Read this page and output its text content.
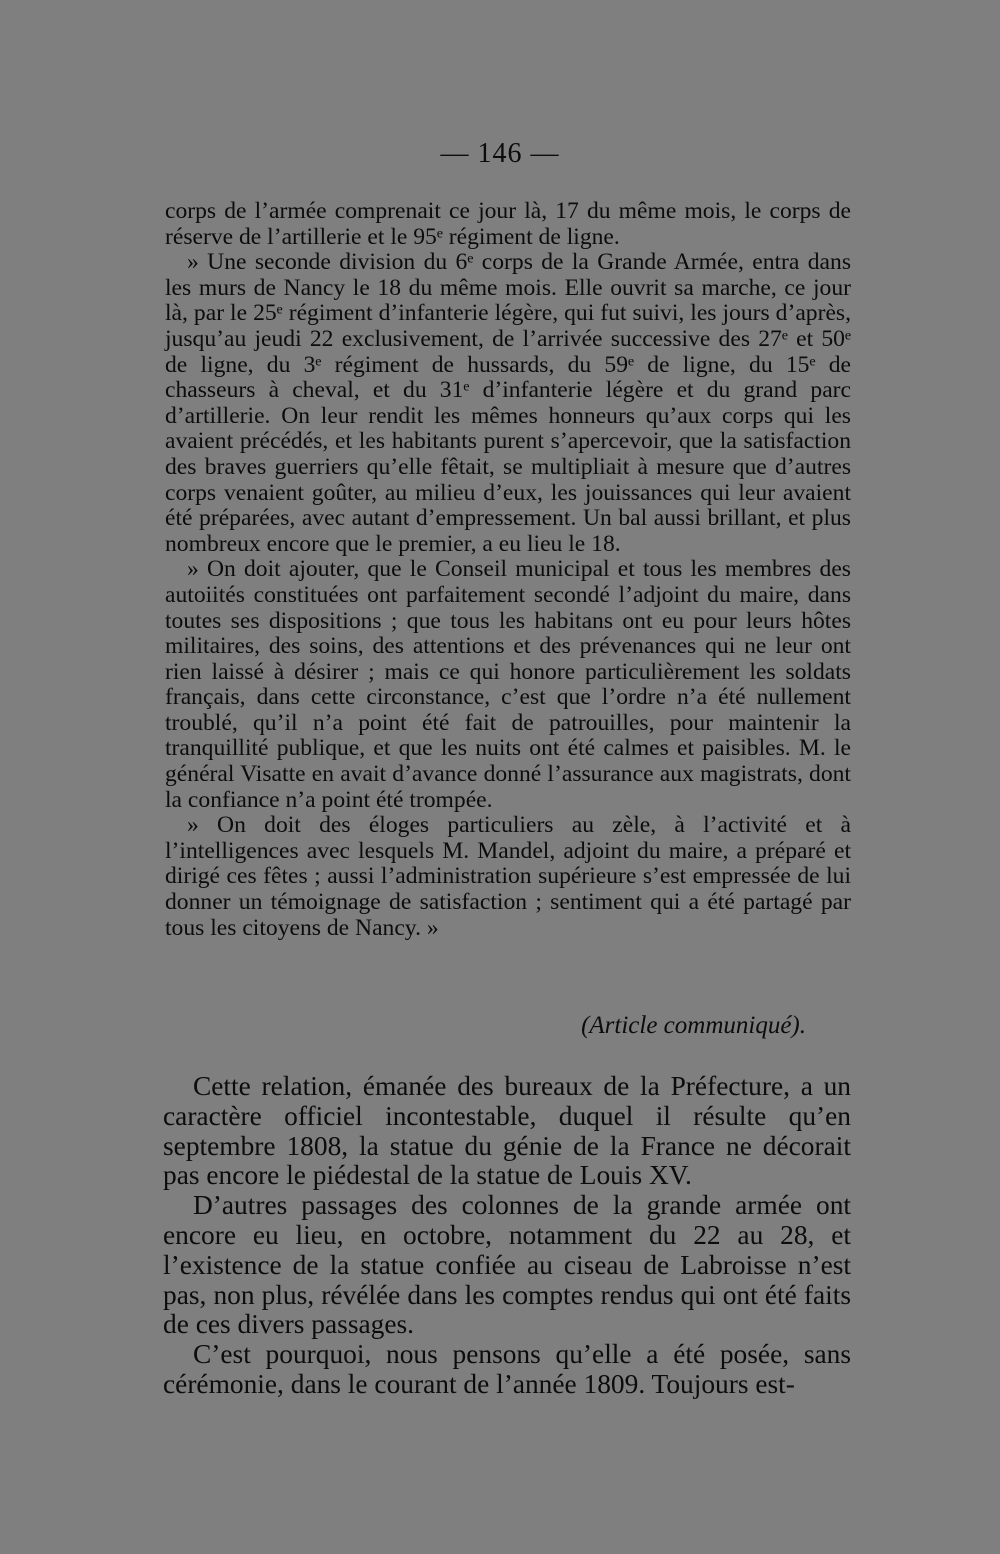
— 146 —

corps de l’armée comprenait ce jour là, 17 du même mois, le corps de réserve de l’artillerie et le 95ᵉ régiment de ligne.

» Une seconde division du 6ᵉ corps de la Grande Armée, entra dans les murs de Nancy le 18 du même mois. Elle ouvrit sa marche, ce jour là, par le 25ᵉ régiment d’infanterie légère, qui fut suivi, les jours d’après, jusqu’au jeudi 22 exclusivement, de l’arrivée successive des 27ᵉ et 50ᵉ de ligne, du 3ᵉ régiment de hussards, du 59ᵉ de ligne, du 15ᵉ de chasseurs à cheval, et du 31ᵉ d’infanterie légère et du grand parc d’artillerie. On leur rendit les mêmes honneurs qu’aux corps qui les avaient précédés, et les habitants purent s’apercevoir, que la satisfaction des braves guerriers qu’elle fêtait, se multipliait à mesure que d’autres corps venaient goûter, au milieu d’eux, les jouissances qui leur avaient été préparées, avec autant d’empressement. Un bal aussi brillant, et plus nombreux encore que le premier, a eu lieu le 18.

» On doit ajouter, que le Conseil municipal et tous les membres des autoiités constituées ont parfaitement secondé l’adjoint du maire, dans toutes ses dispositions ; que tous les habitans ont eu pour leurs hôtes militaires, des soins, des attentions et des prévenances qui ne leur ont rien laissé à désirer ; mais ce qui honore particulièrement les soldats français, dans cette circonstance, c’est que l’ordre n’a été nullement troublé, qu’il n’a point été fait de patrouilles, pour maintenir la tranquillité publique, et que les nuits ont été calmes et paisibles. M. le général Visatte en avait d’avance donné l’assurance aux magistrats, dont la confiance n’a point été trompée.

» On doit des éloges particuliers au zèle, à l’activité et à l’intelligences avec lesquels M. Mandel, adjoint du maire, a préparé et dirigé ces fêtes ; aussi l’administration supérieure s’est empressée de lui donner un témoignage de satisfaction ; sentiment qui a été partagé par tous les citoyens de Nancy. »

(Article communiqué).

Cette relation, émanée des bureaux de la Préfecture, a un caractère officiel incontestable, duquel il résulte qu’en septembre 1808, la statue du génie de la France ne décorait pas encore le piédestal de la statue de Louis XV.

D’autres passages des colonnes de la grande armée ont encore eu lieu, en octobre, notamment du 22 au 28, et l’existence de la statue confiée au ciseau de Labroisse n’est pas, non plus, révélée dans les comptes rendus qui ont été faits de ces divers passages.

C’est pourquoi, nous pensons qu’elle a été posée, sans cérémonie, dans le courant de l’année 1809. Toujours est-
